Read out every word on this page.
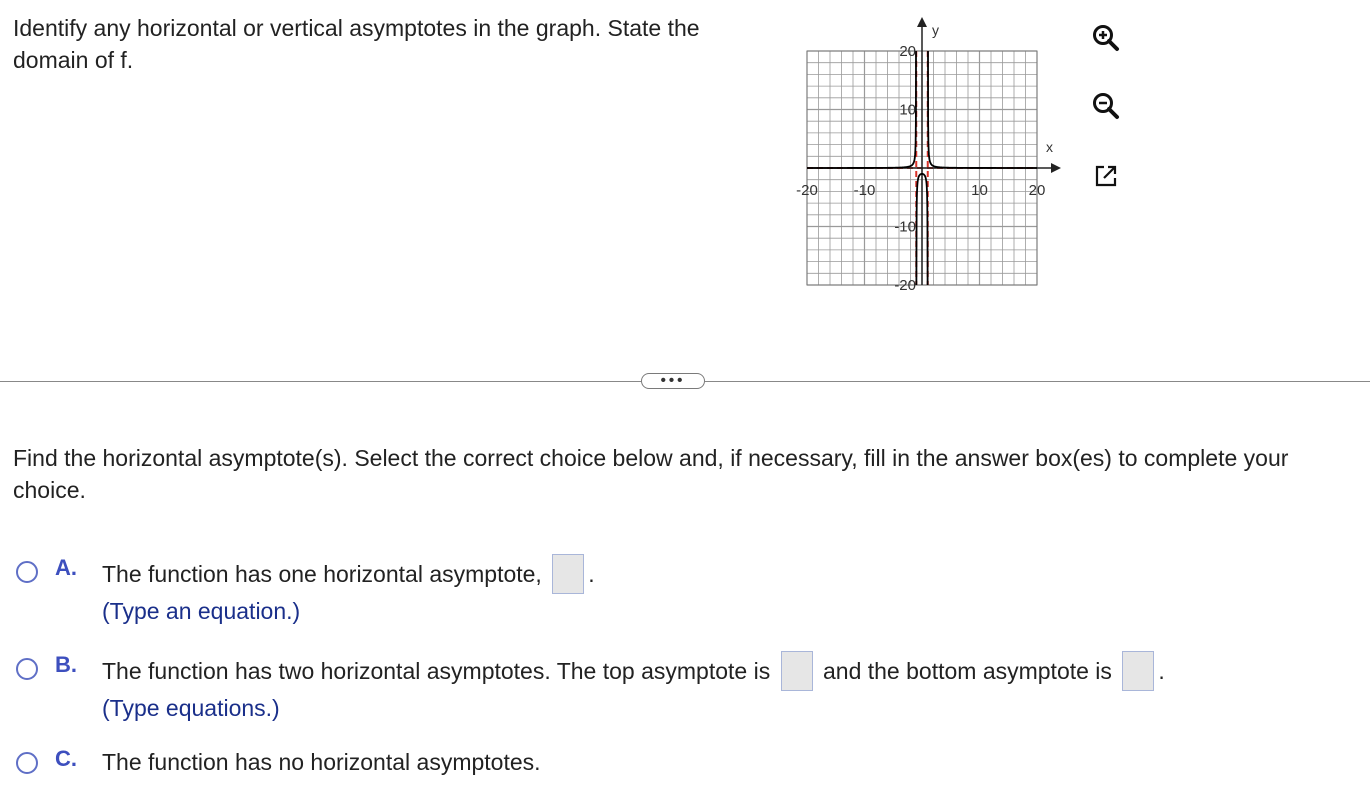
Identify any horizontal or vertical asymptotes in the graph. State the domain of f.

-20 -10	10	20
20
10
-10
-20
x
y
•••

Find the horizontal asymptote(s). Select the correct choice below and, if necessary, fill in the answer box(es) to complete your choice.

A. The function has one horizontal asymptote, .
(Type an equation.)
B. The function has two horizontal asymptotes. The top asymptote is and the bottom asymptote is .
(Type equations.)
C. The function has no horizontal asymptotes.
